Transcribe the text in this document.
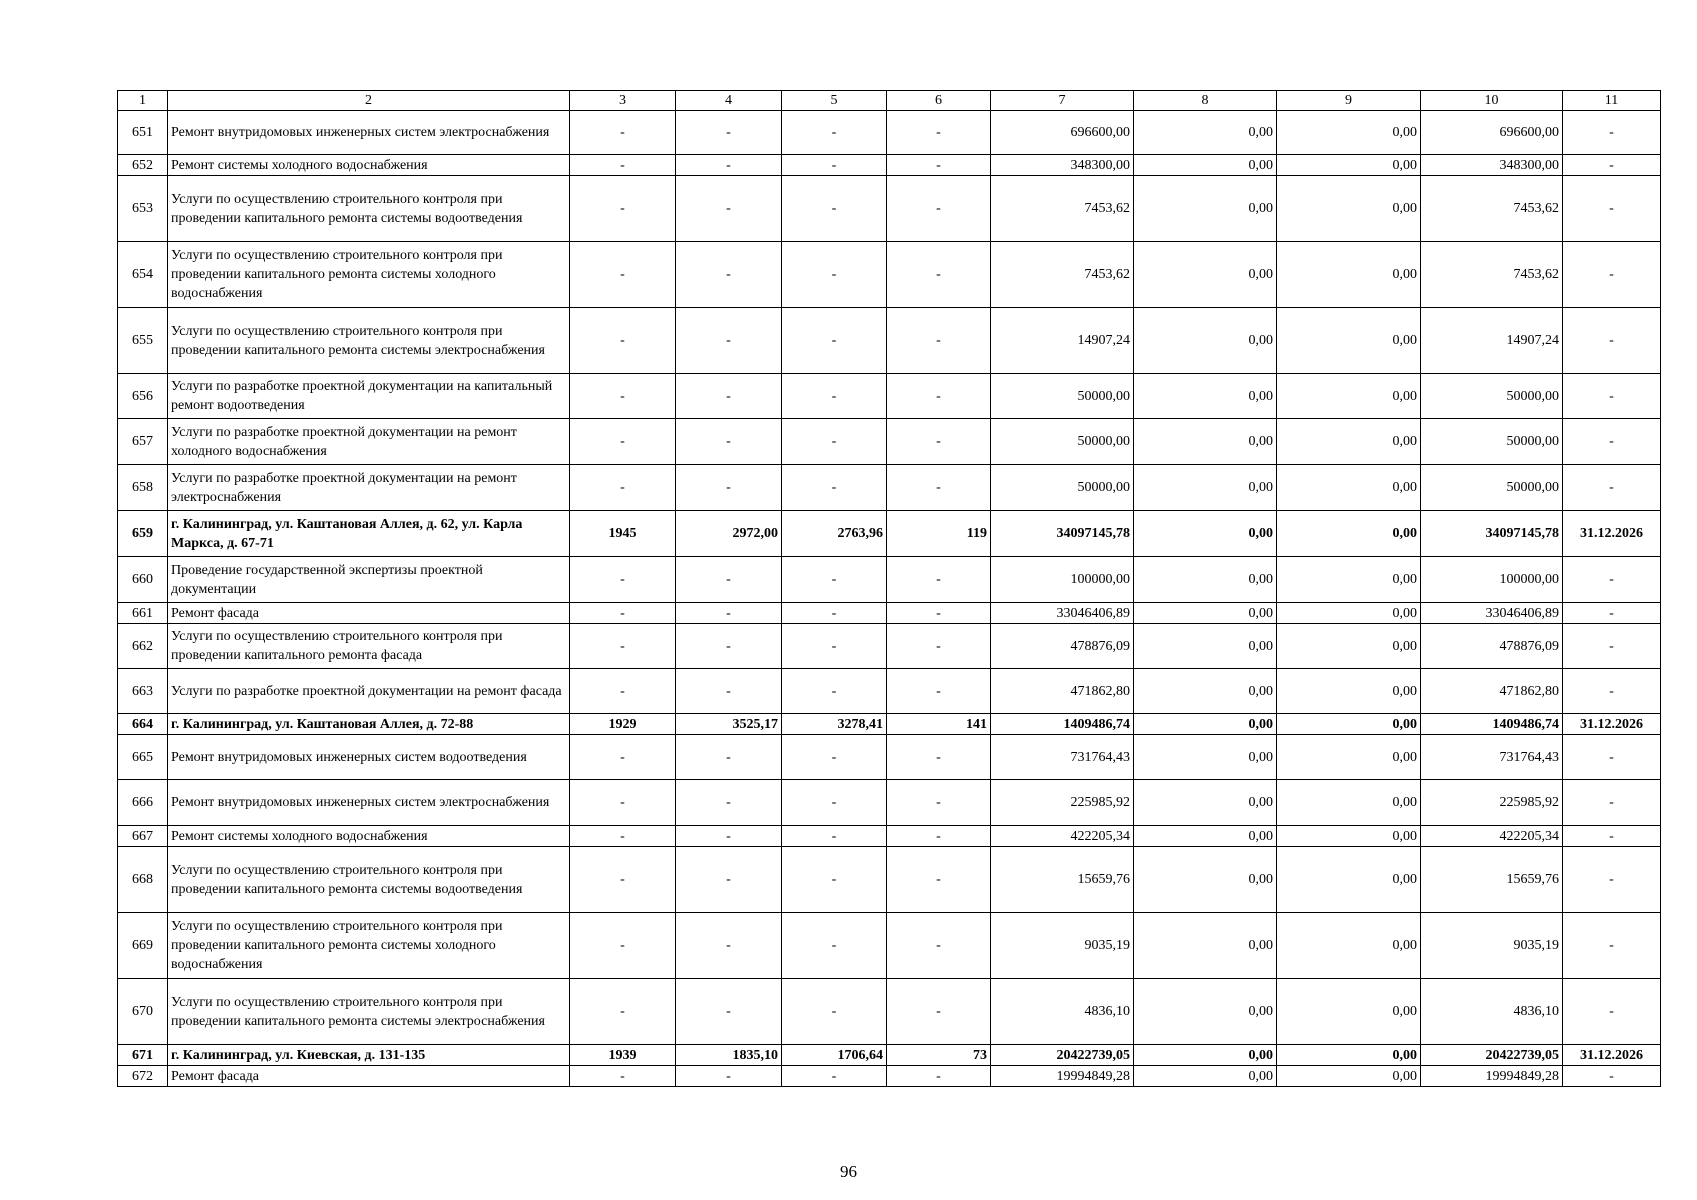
1	2	3	4	5	6	7	8	9	10	11
651	Ремонт внутридомовых инженерных систем электроснабжения	-	-	-	-	696600,00	0,00	0,00	696600,00	-
652	Ремонт системы холодного водоснабжения	-	-	-	-	348300,00	0,00	0,00	348300,00	-
653	Услуги по осуществлению строительного контроля при проведении капитального ремонта системы водоотведения	-	-	-	-	7453,62	0,00	0,00	7453,62	-
654	Услуги по осуществлению строительного контроля при проведении капитального ремонта системы холодного водоснабжения	-	-	-	-	7453,62	0,00	0,00	7453,62	-
655	Услуги по осуществлению строительного контроля при проведении капитального ремонта системы электроснабжения	-	-	-	-	14907,24	0,00	0,00	14907,24	-
656	Услуги по разработке проектной документации на капитальный ремонт водоотведения	-	-	-	-	50000,00	0,00	0,00	50000,00	-
657	Услуги по разработке проектной документации на ремонт холодного водоснабжения	-	-	-	-	50000,00	0,00	0,00	50000,00	-
658	Услуги по разработке проектной документации на ремонт электроснабжения	-	-	-	-	50000,00	0,00	0,00	50000,00	-
659	г. Калининград, ул. Каштановая Аллея, д. 62, ул. Карла Маркса, д. 67-71	1945	2972,00	2763,96	119	34097145,78	0,00	0,00	34097145,78	31.12.2026
660	Проведение государственной экспертизы проектной документации	-	-	-	-	100000,00	0,00	0,00	100000,00	-
661	Ремонт фасада	-	-	-	-	33046406,89	0,00	0,00	33046406,89	-
662	Услуги по осуществлению строительного контроля при проведении капитального ремонта фасада	-	-	-	-	478876,09	0,00	0,00	478876,09	-
663	Услуги по разработке проектной документации на ремонт фасада	-	-	-	-	471862,80	0,00	0,00	471862,80	-
664	г. Калининград, ул. Каштановая Аллея, д. 72-88	1929	3525,17	3278,41	141	1409486,74	0,00	0,00	1409486,74	31.12.2026
665	Ремонт внутридомовых инженерных систем водоотведения	-	-	-	-	731764,43	0,00	0,00	731764,43	-
666	Ремонт внутридомовых инженерных систем электроснабжения	-	-	-	-	225985,92	0,00	0,00	225985,92	-
667	Ремонт системы холодного водоснабжения	-	-	-	-	422205,34	0,00	0,00	422205,34	-
668	Услуги по осуществлению строительного контроля при проведении капитального ремонта системы водоотведения	-	-	-	-	15659,76	0,00	0,00	15659,76	-
669	Услуги по осуществлению строительного контроля при проведении капитального ремонта системы холодного водоснабжения	-	-	-	-	9035,19	0,00	0,00	9035,19	-
670	Услуги по осуществлению строительного контроля при проведении капитального ремонта системы электроснабжения	-	-	-	-	4836,10	0,00	0,00	4836,10	-
671	г. Калининград, ул. Киевская, д. 131-135	1939	1835,10	1706,64	73	20422739,05	0,00	0,00	20422739,05	31.12.2026
672	Ремонт фасада	-	-	-	-	19994849,28	0,00	0,00	19994849,28	-
96
